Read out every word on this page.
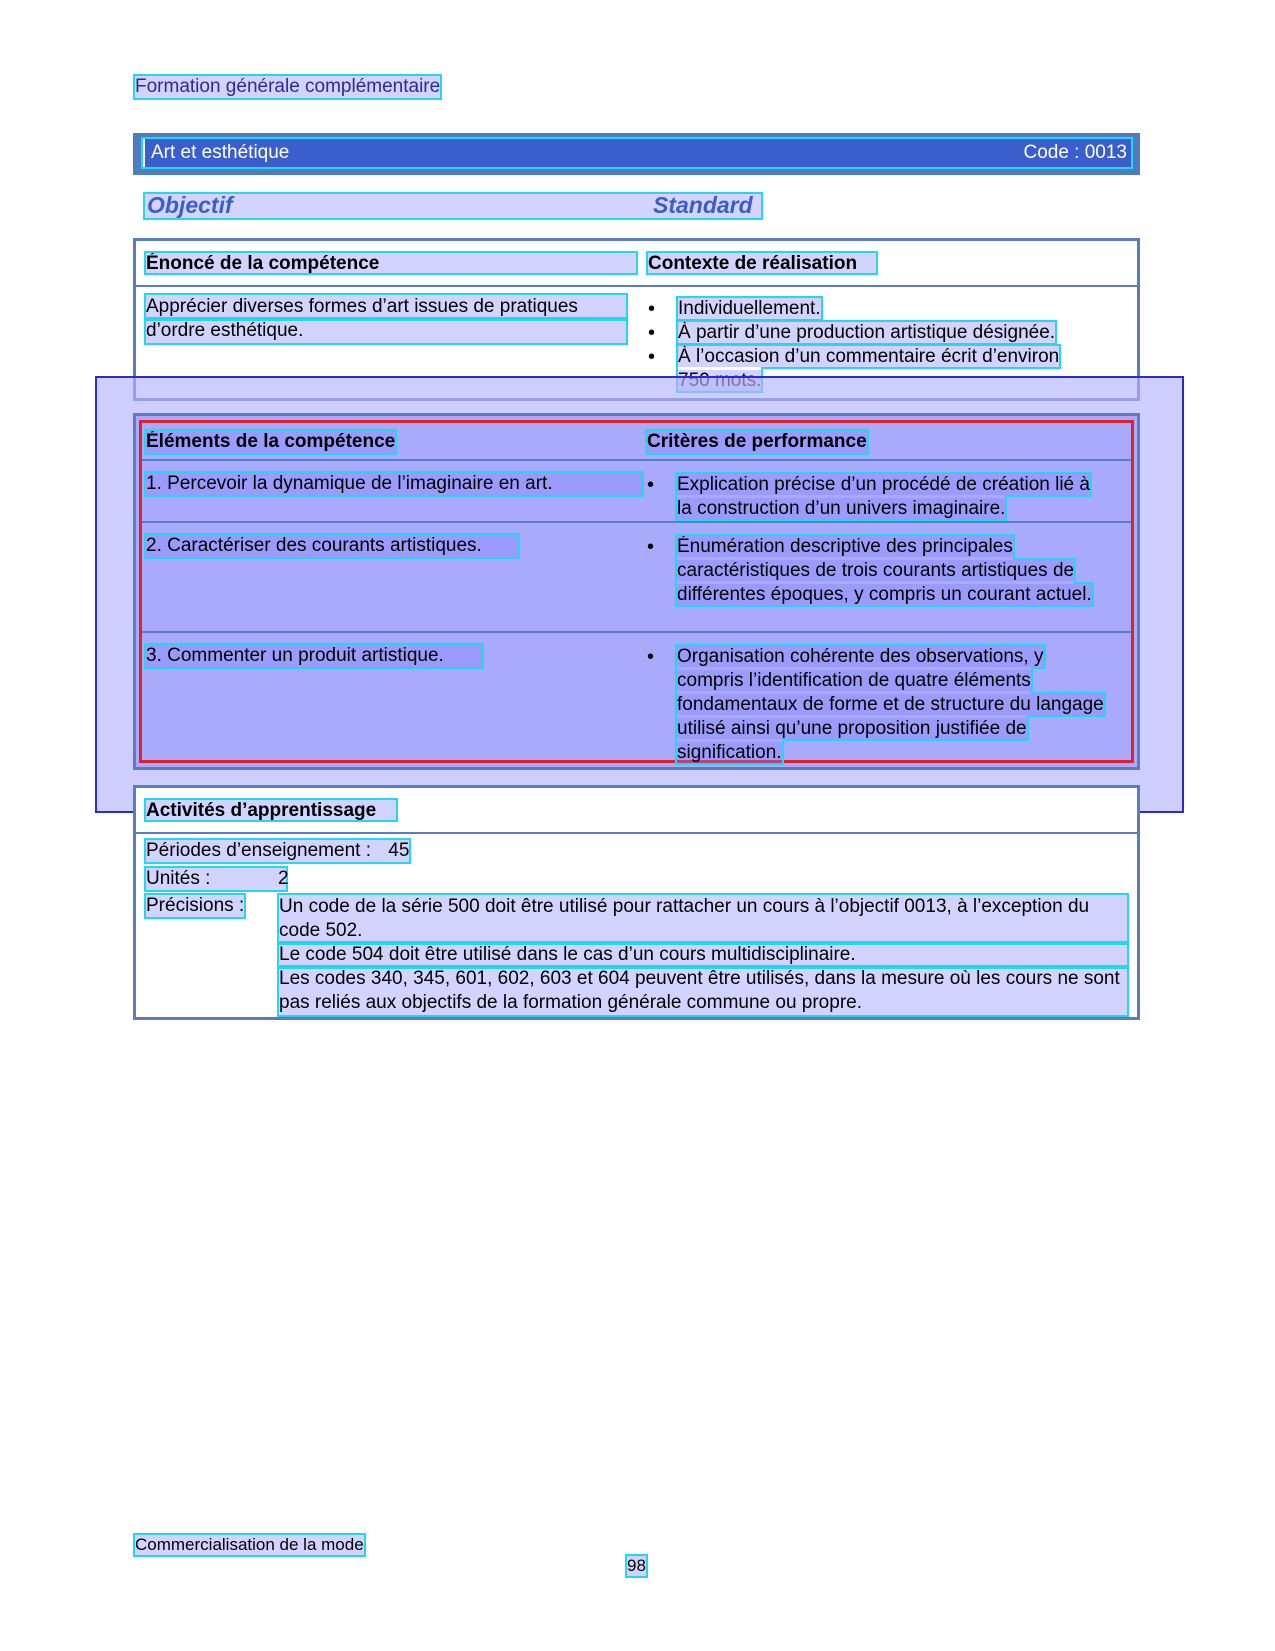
Formation générale complémentaire
Art et esthétique	Code : 0013
Objectif	Standard
Énoncé de la compétence	Contexte de réalisation
Apprécier diverses formes d’art issues de pratiques
d’ordre esthétique.
• Individuellement.
• À partir d’une production artistique désignée.
• À l’occasion d’un commentaire écrit d’environ
Éléments de la compétence	Critères de performance
1. Percevoir la dynamique de l’imaginaire en art.	• Explication précise d’un procédé de création lié à la construction d’un univers imaginaire.
2. Caractériser des courants artistiques.	• Énumération descriptive des principales caractéristiques de trois courants artistiques de différentes époques, y compris un courant actuel.
3. Commenter un produit artistique.	• Organisation cohérente des observations, y compris l’identification de quatre éléments fondamentaux de forme et de structure du langage utilisé ainsi qu’une proposition justifiée de signification.
Activités d’apprentissage
Périodes d’enseignement : 45
Unités :	2
Précisions : Un code de la série 500 doit être utilisé pour rattacher un cours à l’objectif 0013, à l’exception du code 502.
Le code 504 doit être utilisé dans le cas d’un cours multidisciplinaire.
Les codes 340, 345, 601, 602, 603 et 604 peuvent être utilisés, dans la mesure où les cours ne sont pas reliés aux objectifs de la formation générale commune ou propre.
Commercialisation de la mode
98
